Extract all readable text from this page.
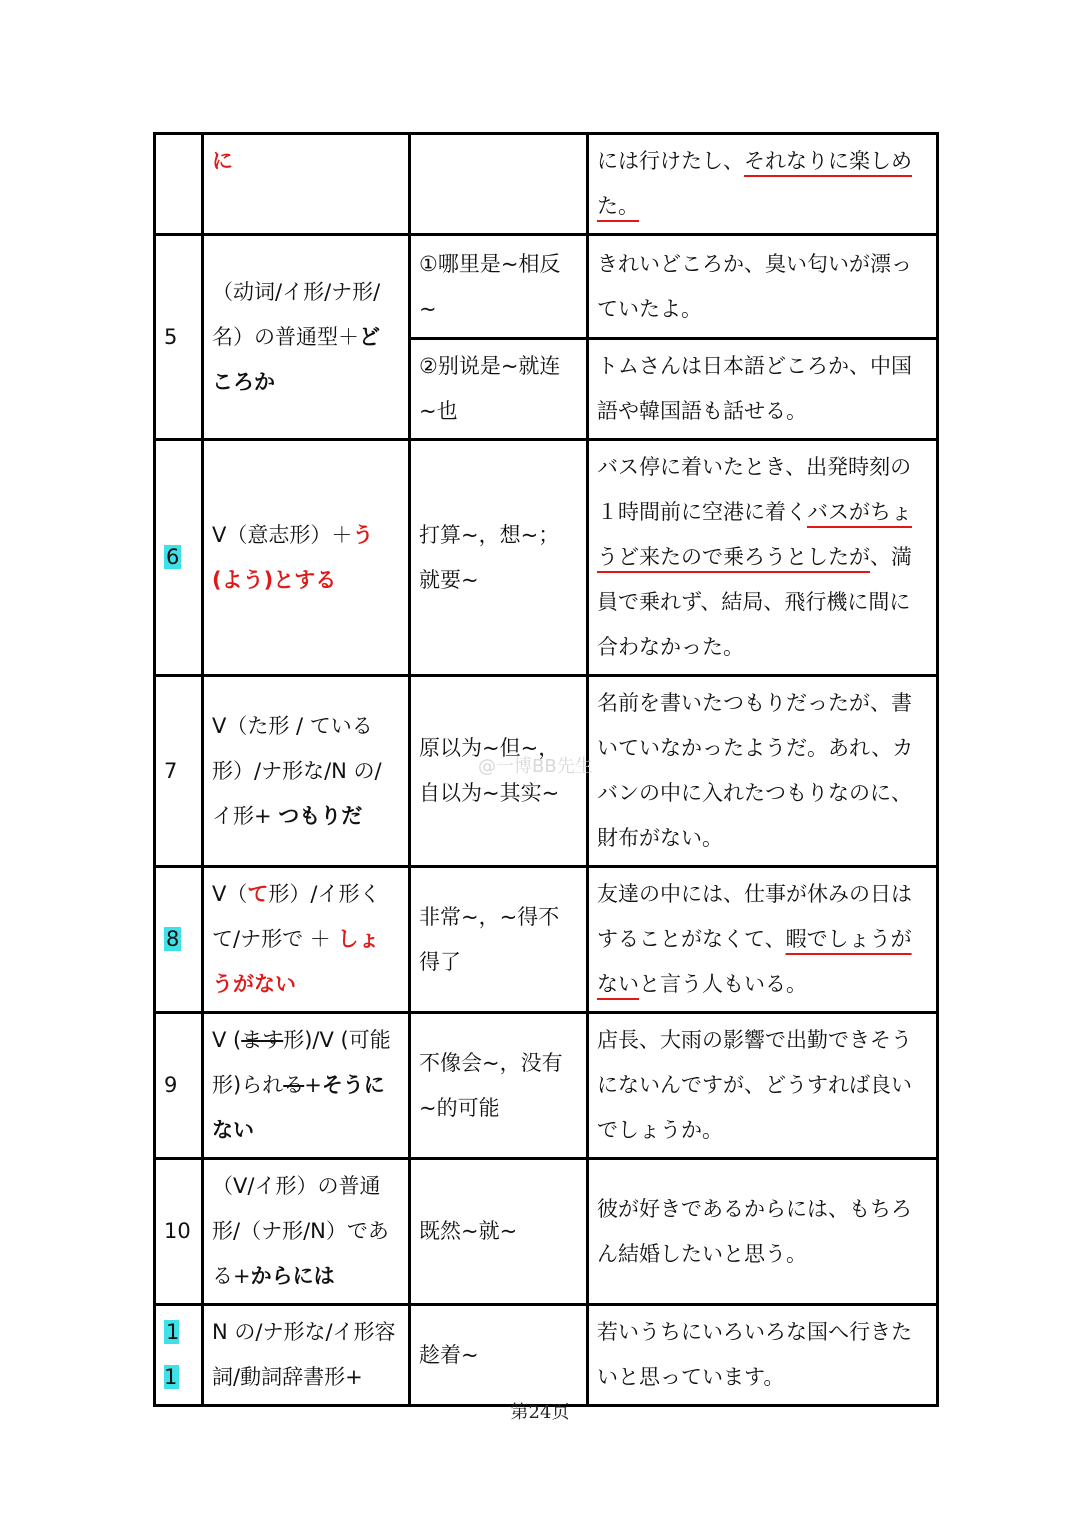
	に		には行けたし、それなりに楽しめた。
5	（动词/イ形/ナ形/名）の普通型＋どころか	①哪里是~相反~	きれいどころか、臭い匂いが漂っていたよ。
		②别说是~就连~也	トムさんは日本語どころか、中国語や韓国語も話せる。
6	V（意志形）＋う(よう)とする	打算~，想~；就要~	バス停に着いたとき、出発時刻の１時間前に空港に着くバスがちょうど来たので乗ろうとしたが、満員で乗れず、結局、飛行機に間に合わなかった。
7	V（た形 / ている形）/ナ形な/N の/イ形+ つもりだ	原以为~但~，自以为~其实~	名前を書いたつもりだったが、書いていなかったようだ。あれ、カバンの中に入れたつもりなのに、財布がない。
8	V（て形）/イ形くて/ナ形で ＋ しょうがない	非常~，~得不得了	友達の中には、仕事が休みの日はすることがなくて、暇でしょうがないと言う人もいる。
9	V (ます形)/V (可能形)られる+そうにない	不像会~，没有~的可能	店長、大雨の影響で出勤できそうにないんですが、どうすれば良いでしょうか。
10	（V/イ形）の普通形/（ナ形/N）である+からには	既然~就~	彼が好きであるからには、もちろん結婚したいと思う。
11	N の/ナ形な/イ形容詞/動詞辞書形+	趁着~	若いうちにいろいろな国へ行きたいと思っています。
@一博BB先生
第24页
